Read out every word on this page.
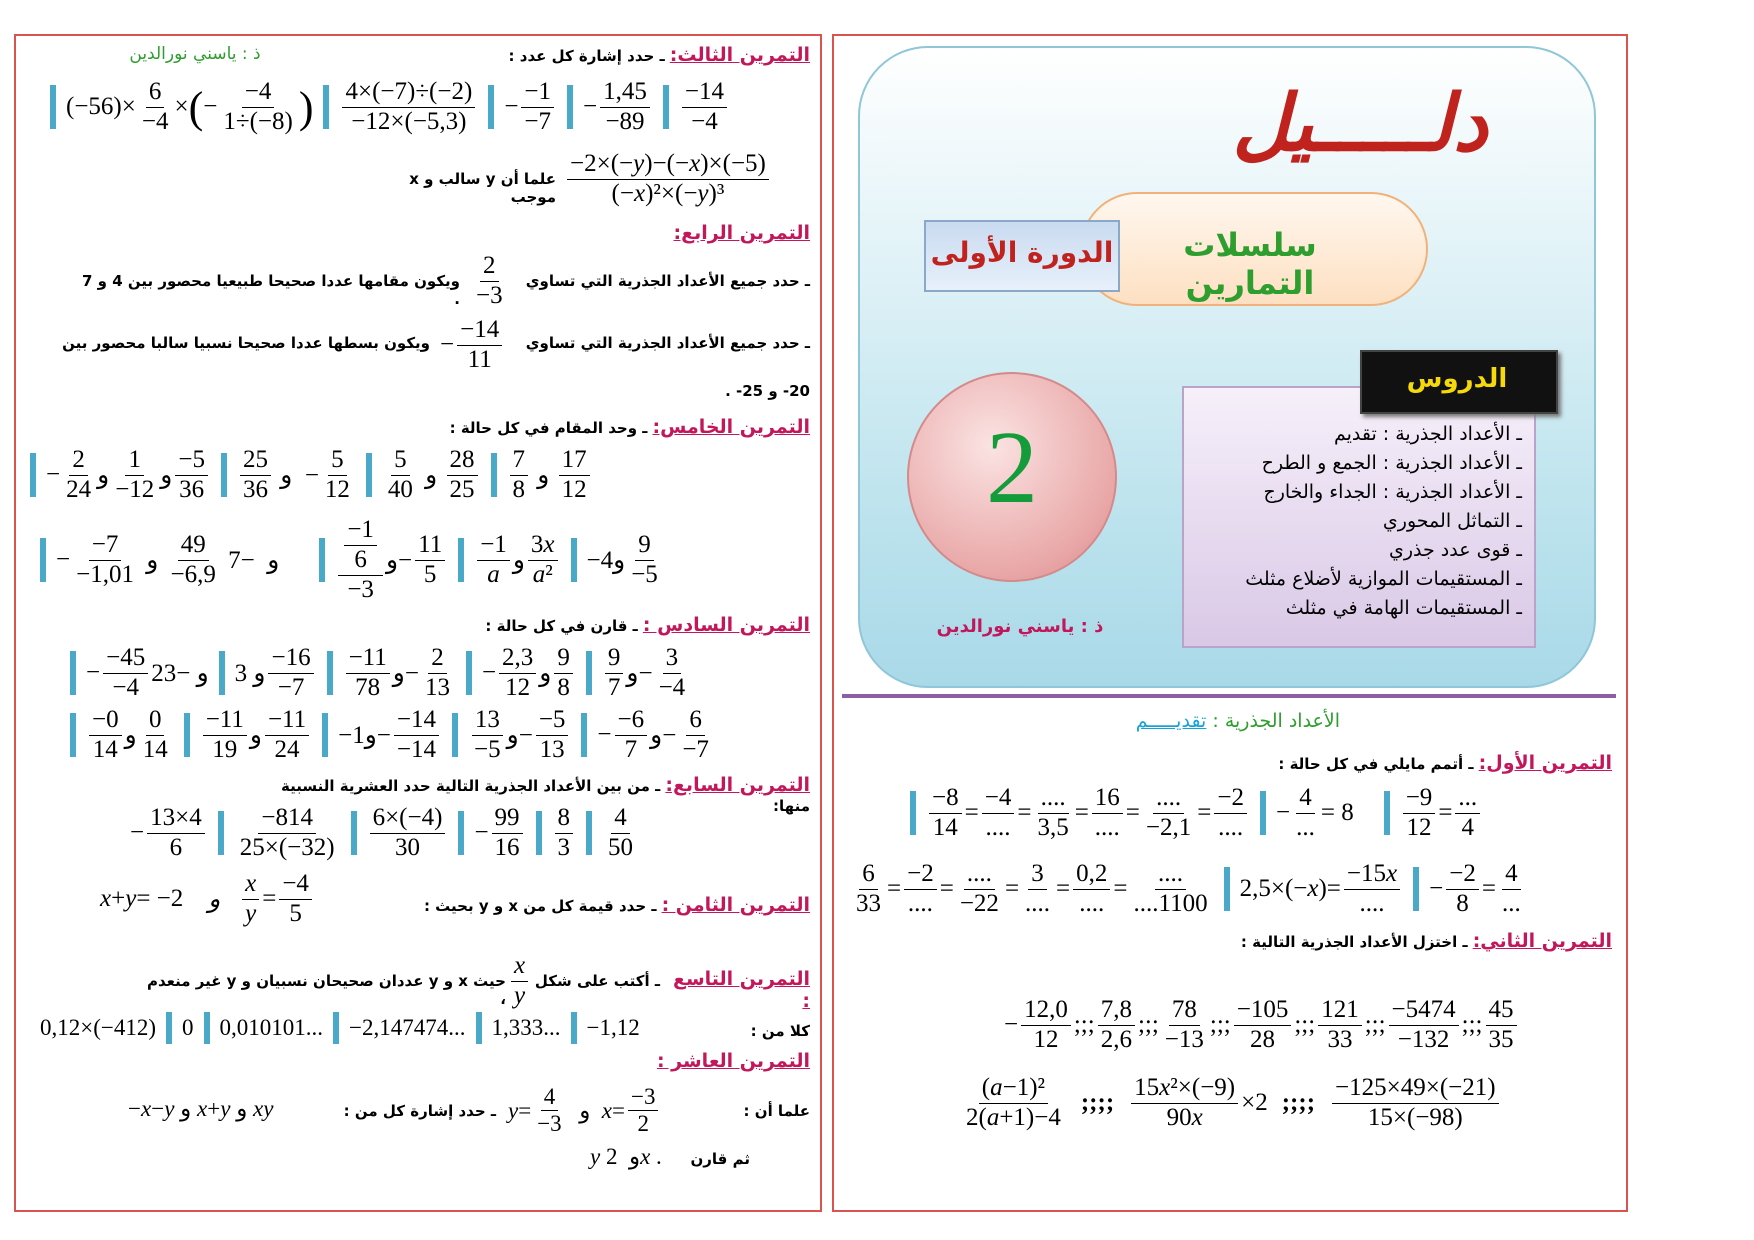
دلـــــيل
سلسلات التمارين
الدورة الأولى
2
ذ : ياسني نورالدين
الدروس
ـ الأعداد الجذرية : تقديم
ـ الأعداد الجذرية : الجمع و الطرح
ـ الأعداد الجذرية : الجداء والخارج
ـ التماثل المحوري
ـ قوى عدد جذري
ـ المستقيمات الموازية لأضلاع مثلث
ـ المستقيمات الهامة في مثلث
الأعداد الجذرية : تقديـــــم
التمرين الأول: ـ أتمم مايلي في كل حالة :
−8
14
=
−4
....
=
....
3,5
=
16
....
=
....
−2,1
=
−2
....
−
4
...
= 8
−9
12
=
...
4
6
33
=
−2
....
=
....
−22
=
3
....
=
0,2
....
=
....
....1100
2,5×(− x )=
−15x
....
−
−2
8
=
4
...
التمرين الثاني: ـ اختزل الأعداد الجذرية التالية :
−
12,0
12
;;;
7,8
2,6
;;;
78
−13
;;;
−105
28
;;;
121
33
;;;
−5474
−132
;;;
45
35
(a−1)²
2(a+1)−4
;;;;
15x²×(−9)
90x
×2 ;;;;
−125×49×(−21)
15×(−98)
ذ : ياسني نورالدين	التمرين الثالث: ـ حدد إشارة كل عدد :
(−56)×
6
−4
× ( −
−4
1÷(−8) ) 4×(−7)÷(−2)
−12×(−5,3)
−
−1
−7
−
1,45
−89
−14
−4
علما أن y سالب و x موجب
−2×(−y)−(−x)×(−5)
(−x)²×(−y)³
التمرين الرابع:
ـ حدد جميع الأعداد الجذرية التي تساوي
2
−3
ويكون مقامها عددا صحيحا طبيعيا محصور بين 4 و 7 .
ـ حدد جميع الأعداد الجذرية التي تساوي
−
−14
11
ويكون بسطها عددا صحيحا نسبيا سالبا محصور بين
20- و 25- .
التمرين الخامس: ـ وحد المقام في كل حالة :
−
2
24 و
1
−12 و
−5
36
25
36 و  −
5
12
5
40 و
28
25
7
8 و
17
12
−
−7
−1,01 و
49
−6,9 و  −7	$\frac{-1}{6}$
−3
و−
11
5
−1
a و
3x
a² −4و
9
−5
التمرين السادس : ـ قارن في كل حالة :
−
−45
−4 و −23
3 و
−16
−7
−11
78 و−
2
13
−
2,3
12 و
9
8
9
7 و−
3
−4
−0
14 و
0
14
−11
19 و
−11
24 −1و−
−14
−14
13
−5 و−
−5
13
−
−6
7 و−
6
−7
التمرين السابع: ـ من بين الأعداد الجذرية التالية حدد العشرية النسبية منها:
−
13×4
6
−814
25×(−32)
6×(−4)
30
−
99
16
8
3
4
50
التمرين الثامن : ـ حدد قيمة كل من x و y بحيث :
x + y = −2 و

x
y
=
−4
5
التمرين التاسع :
ـ أكتب على شكل
x
y
حيث x و y عددان صحيحان نسبيان و y غير منعدم ،
كلا من :
0,12×(−412) 0 0,010101... −2,147474... 1,333... −1,12
التمرين العاشر :
علما أن :
y =
4
−3
و x =
−3
2
ـ حدد إشارة كل من :
− x − y و x + y و xy
ثم قارن
y و  2 x .
